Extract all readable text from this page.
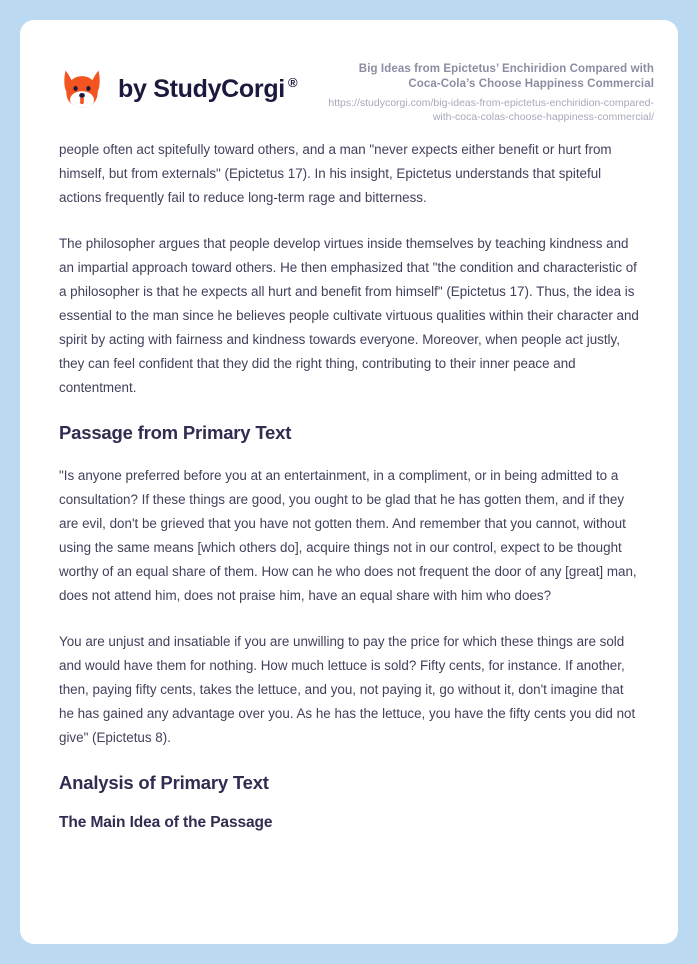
by StudyCorgi ®
Big Ideas from Epictetus’ Enchiridion Compared with Coca-Cola’s Choose Happiness Commercial
https://studycorgi.com/big-ideas-from-epictetus-enchiridion-compared-with-coca-colas-choose-happiness-commercial/

people often act spitefully toward others, and a man "never expects either benefit or hurt from himself, but from externals" (Epictetus 17). In his insight, Epictetus understands that spiteful actions frequently fail to reduce long-term rage and bitterness.

The philosopher argues that people develop virtues inside themselves by teaching kindness and an impartial approach toward others. He then emphasized that "the condition and characteristic of a philosopher is that he expects all hurt and benefit from himself" (Epictetus 17). Thus, the idea is essential to the man since he believes people cultivate virtuous qualities within their character and spirit by acting with fairness and kindness towards everyone. Moreover, when people act justly, they can feel confident that they did the right thing, contributing to their inner peace and contentment.

Passage from Primary Text

"Is anyone preferred before you at an entertainment, in a compliment, or in being admitted to a consultation? If these things are good, you ought to be glad that he has gotten them, and if they are evil, don't be grieved that you have not gotten them. And remember that you cannot, without using the same means [which others do], acquire things not in our control, expect to be thought worthy of an equal share of them. How can he who does not frequent the door of any [great] man, does not attend him, does not praise him, have an equal share with him who does?

You are unjust and insatiable if you are unwilling to pay the price for which these things are sold and would have them for nothing. How much lettuce is sold? Fifty cents, for instance. If another, then, paying fifty cents, takes the lettuce, and you, not paying it, go without it, don't imagine that he has gained any advantage over you. As he has the lettuce, you have the fifty cents you did not give" (Epictetus 8).

Analysis of Primary Text
The Main Idea of the Passage
